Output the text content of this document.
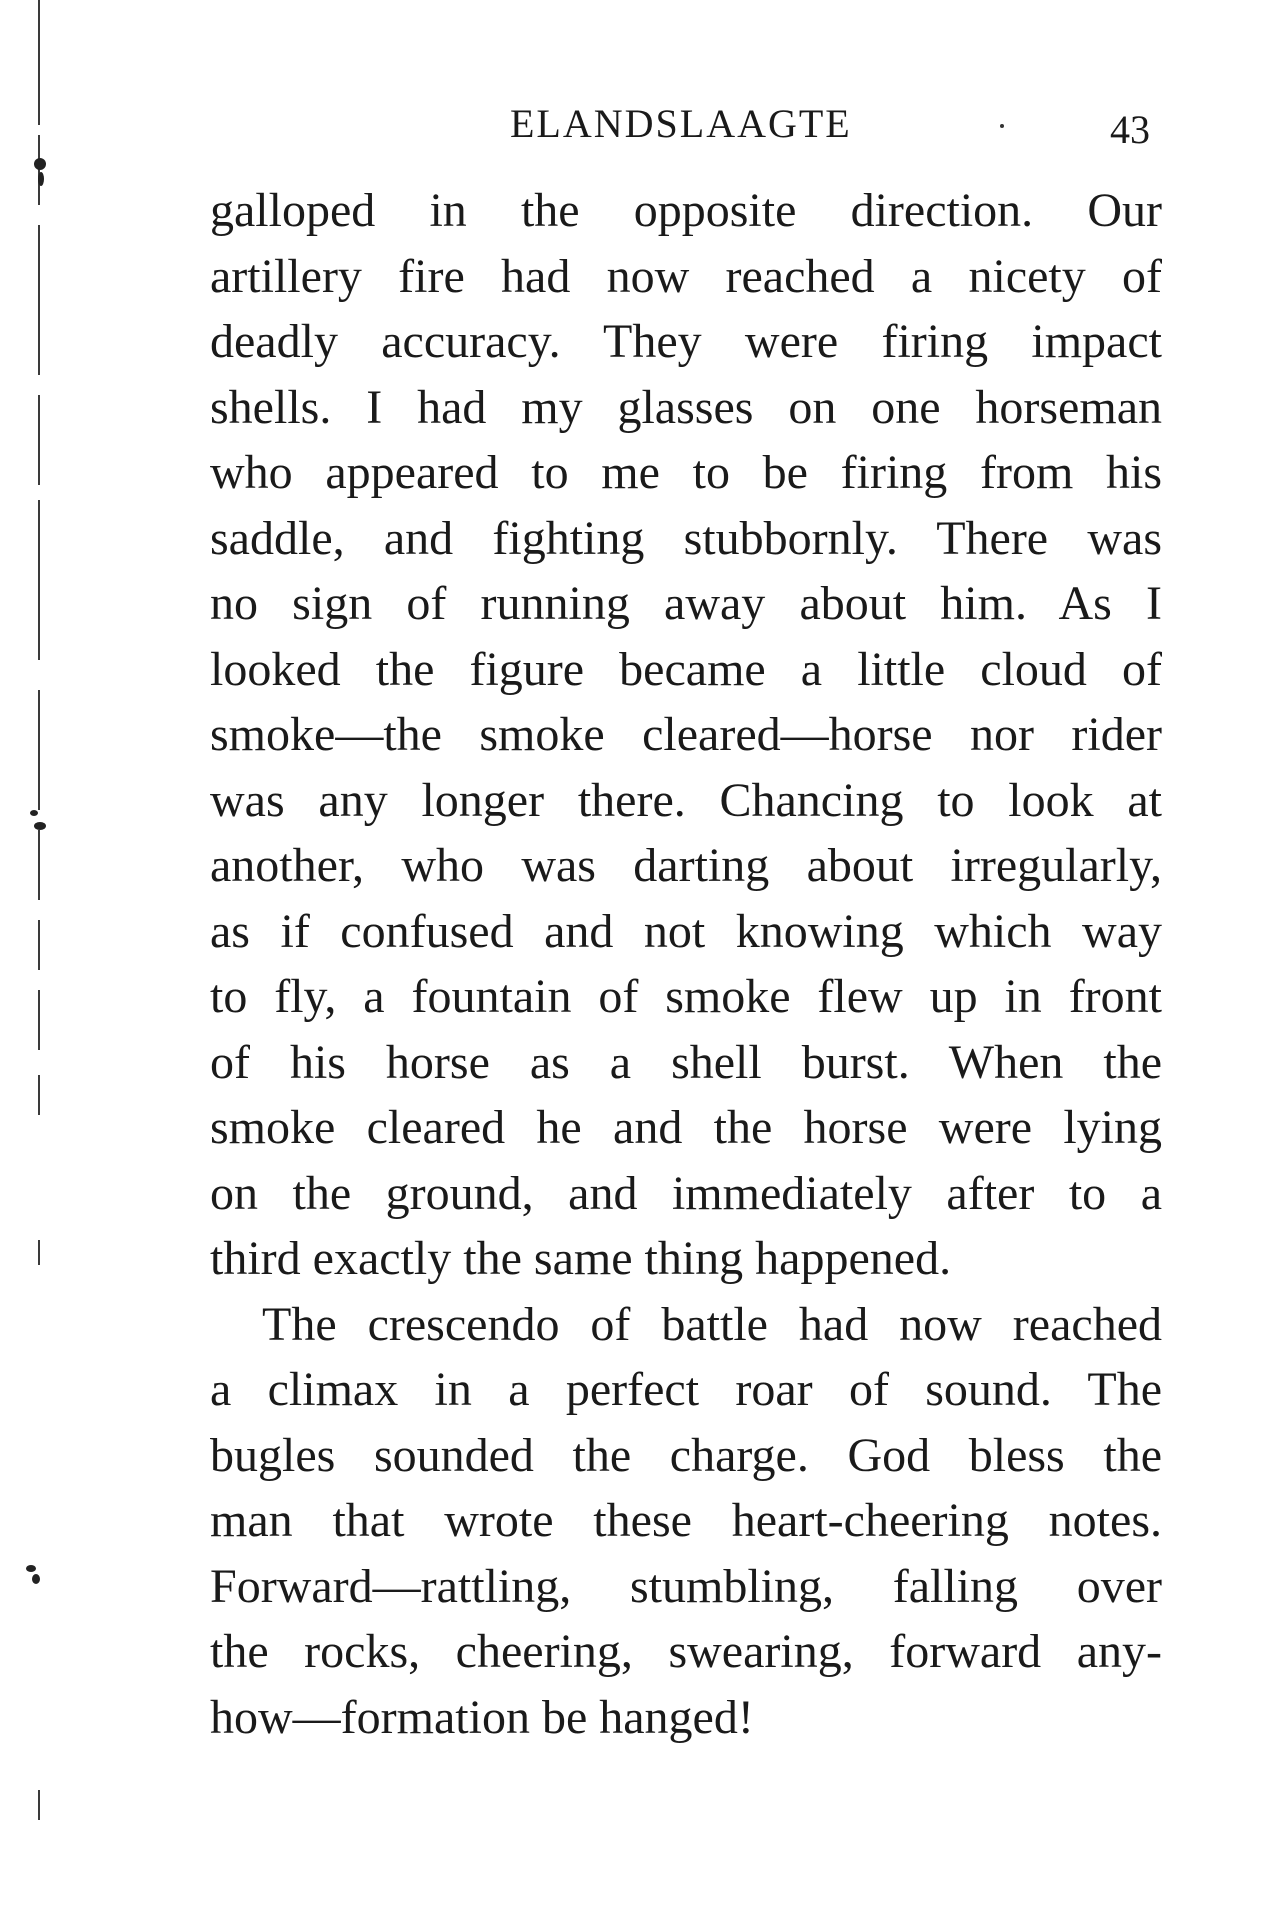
ELANDSLAAGTE	43
galloped in the opposite direction. Our
artillery fire had now reached a nicety of
deadly accuracy. They were firing impact
shells. I had my glasses on one horseman
who appeared to me to be firing from his
saddle, and fighting stubbornly. There was
no sign of running away about him. As I
looked the figure became a little cloud of
smoke—the smoke cleared—horse nor rider
was any longer there. Chancing to look at
another, who was darting about irregularly,
as if confused and not knowing which way
to fly, a fountain of smoke flew up in front
of his horse as a shell burst. When the
smoke cleared he and the horse were lying
on the ground, and immediately after to a
third exactly the same thing happened.
The crescendo of battle had now reached
a climax in a perfect roar of sound. The
bugles sounded the charge. God bless the
man that wrote these heart-cheering notes.
Forward—rattling, stumbling, falling over
the rocks, cheering, swearing, forward any-
how—formation be hanged!
